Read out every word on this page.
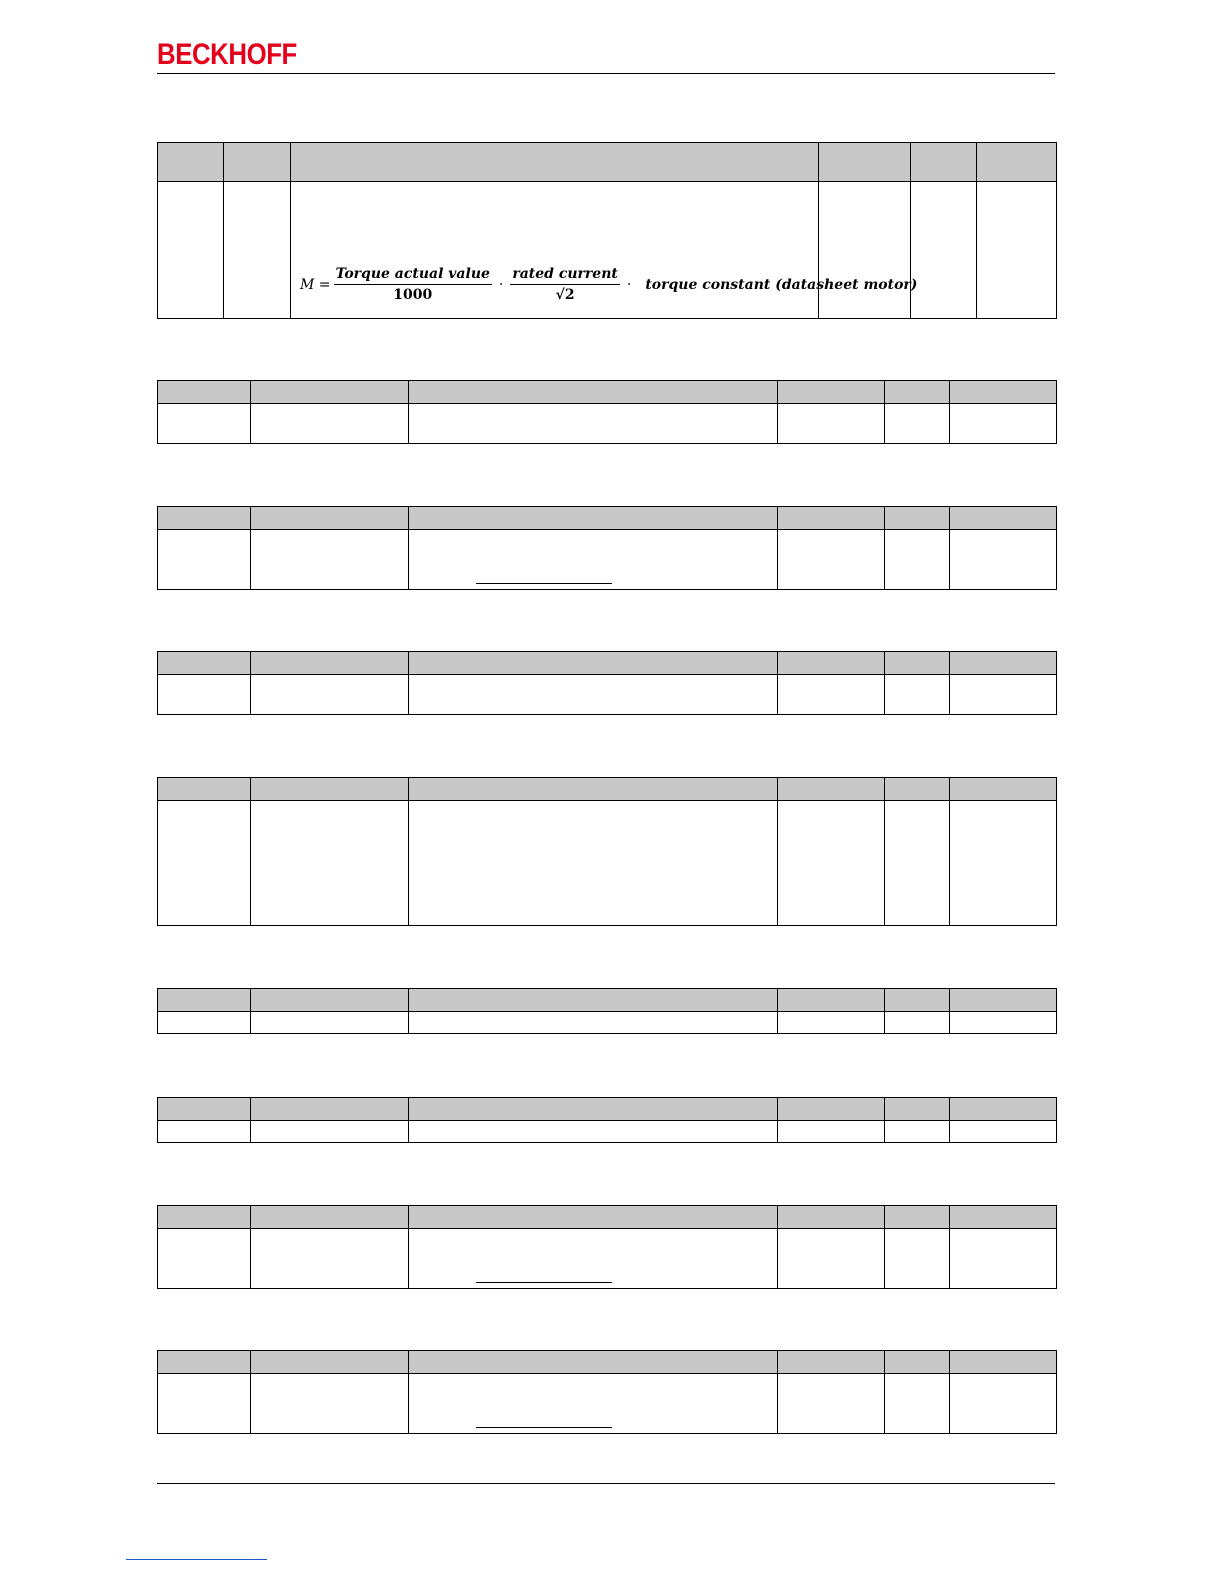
BECKHOFF

$M = \frac{\text{Torque actual value}}{1000} \cdot \frac{\text{rated current}}{√2}$ · torque constant (datasheet motor)
